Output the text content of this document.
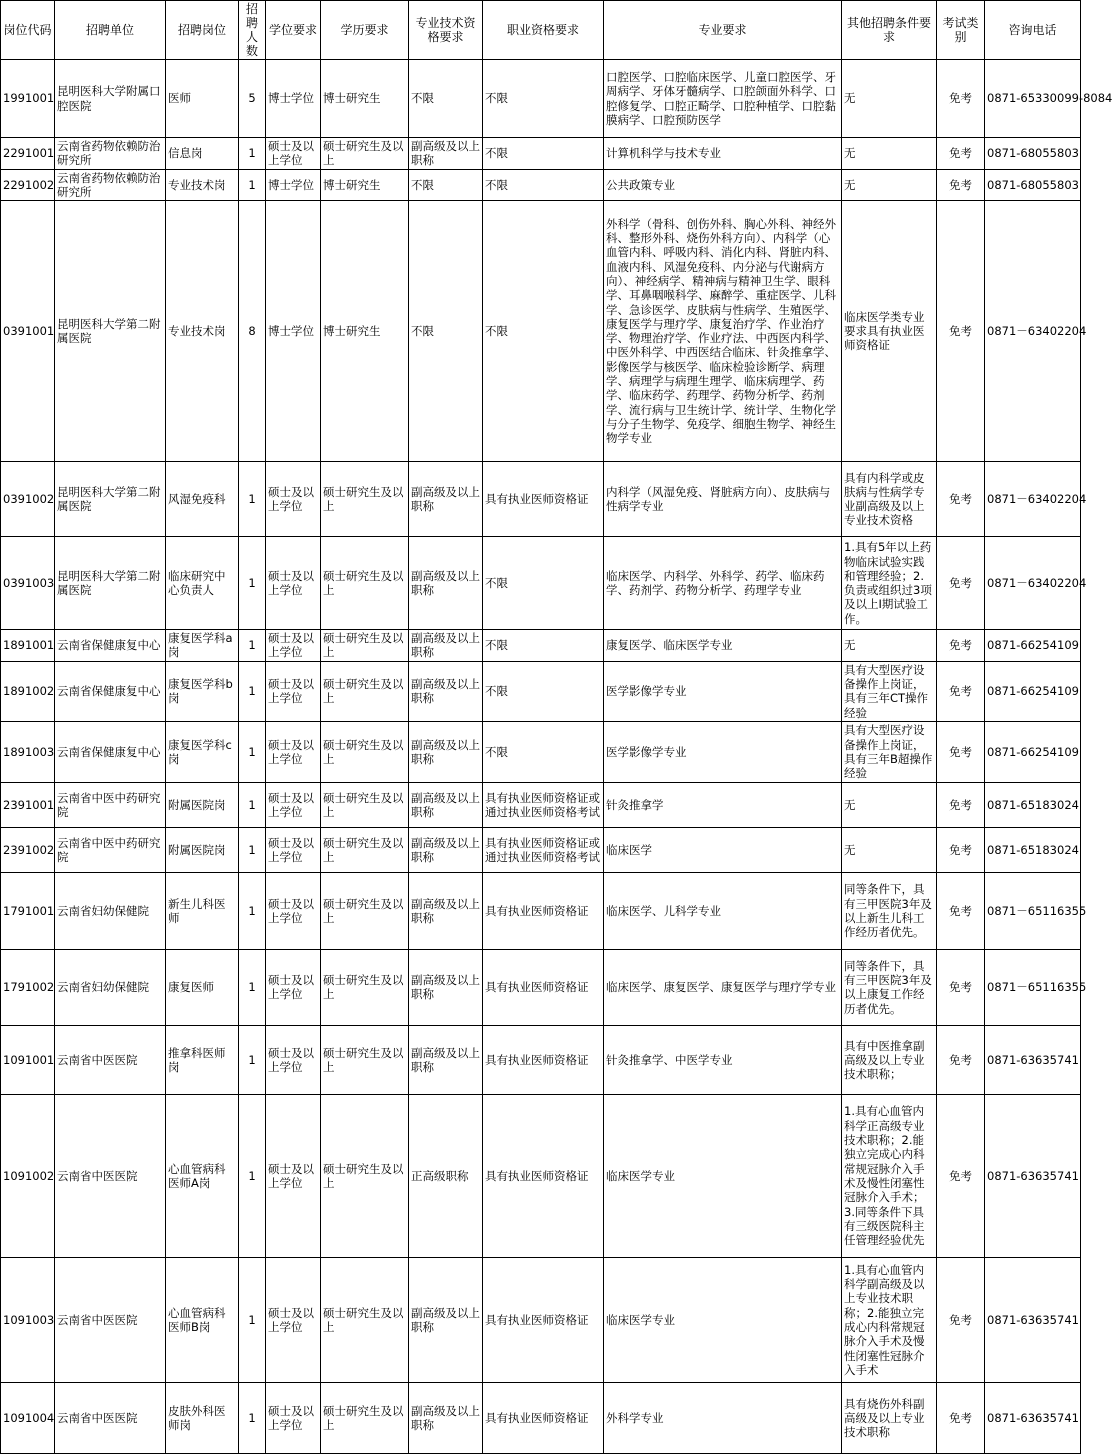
岗位代码	招聘单位	招聘岗位	招聘人数	学位要求	学历要求	专业技术资格要求	职业资格要求	专业要求	其他招聘条件要求	考试类别	咨询电话
1991001	昆明医科大学附属口腔医院	医师	5	博士学位	博士研究生	不限	不限	口腔医学、口腔临床医学、儿童口腔医学、牙周病学、牙体牙髓病学、口腔颌面外科学、口腔修复学、口腔正畸学、口腔种植学、口腔黏膜病学、口腔预防医学	无	免考	0871-65330099-8084
2291001	云南省药物依赖防治研究所	信息岗	1	硕士及以上学位	硕士研究生及以上	副高级及以上职称	不限	计算机科学与技术专业	无	免考	0871-68055803
2291002	云南省药物依赖防治研究所	专业技术岗	1	博士学位	博士研究生	不限	不限	公共政策专业	无	免考	0871-68055803
0391001	昆明医科大学第二附属医院	专业技术岗	8	博士学位	博士研究生	不限	不限	外科学（骨科、创伤外科、胸心外科、神经外科、整形外科、烧伤外科方向）、内科学（心血管内科、呼吸内科、消化内科、肾脏内科、血液内科、风湿免疫科、内分泌与代谢病方向）、神经病学、精神病与精神卫生学、眼科学、耳鼻咽喉科学、麻醉学、重症医学、儿科学、急诊医学、皮肤病与性病学、生殖医学、康复医学与理疗学、康复治疗学、作业治疗学、物理治疗学、作业疗法、中西医内科学、中医外科学、中西医结合临床、针灸推拿学、影像医学与核医学、临床检验诊断学、病理学、病理学与病理生理学、临床病理学、药学、临床药学、药理学、药物分析学、药剂学、流行病与卫生统计学、统计学、生物化学与分子生物学、免疫学、细胞生物学、神经生物学专业	临床医学类专业要求具有执业医师资格证	免考	0871－63402204
0391002	昆明医科大学第二附属医院	风湿免疫科	1	硕士及以上学位	硕士研究生及以上	副高级及以上职称	具有执业医师资格证	内科学（风湿免疫、肾脏病方向）、皮肤病与性病学专业	具有内科学或皮肤病与性病学专业副高级及以上专业技术资格	免考	0871－63402204
0391003	昆明医科大学第二附属医院	临床研究中心负责人	1	硕士及以上学位	硕士研究生及以上	副高级及以上职称	不限	临床医学、内科学、外科学、药学、临床药学、药剂学、药物分析学、药理学专业	1.具有5年以上药物临床试验实践和管理经验；2.负责或组织过3项及以上I期试验工作。	免考	0871－63402204
1891001	云南省保健康复中心	康复医学科a岗	1	硕士及以上学位	硕士研究生及以上	副高级及以上职称	不限	康复医学、临床医学专业	无	免考	0871-66254109
1891002	云南省保健康复中心	康复医学科b岗	1	硕士及以上学位	硕士研究生及以上	副高级及以上职称	不限	医学影像学专业	具有大型医疗设备操作上岗证，具有三年CT操作经验	免考	0871-66254109
1891003	云南省保健康复中心	康复医学科c岗	1	硕士及以上学位	硕士研究生及以上	副高级及以上职称	不限	医学影像学专业	具有大型医疗设备操作上岗证，具有三年B超操作经验	免考	0871-66254109
2391001	云南省中医中药研究院	附属医院岗	1	硕士及以上学位	硕士研究生及以上	副高级及以上职称	具有执业医师资格证或通过执业医师资格考试	针灸推拿学	无	免考	0871-65183024
2391002	云南省中医中药研究院	附属医院岗	1	硕士及以上学位	硕士研究生及以上	副高级及以上职称	具有执业医师资格证或通过执业医师资格考试	临床医学	无	免考	0871-65183024
1791001	云南省妇幼保健院	新生儿科医师	1	硕士及以上学位	硕士研究生及以上	副高级及以上职称	具有执业医师资格证	临床医学、儿科学专业	同等条件下，具有三甲医院3年及以上新生儿科工作经历者优先。	免考	0871－65116355
1791002	云南省妇幼保健院	康复医师	1	硕士及以上学位	硕士研究生及以上	副高级及以上职称	具有执业医师资格证	临床医学、康复医学、康复医学与理疗学专业	同等条件下，具有三甲医院3年及以上康复工作经历者优先。	免考	0871－65116355
1091001	云南省中医医院	推拿科医师岗	1	硕士及以上学位	硕士研究生及以上	副高级及以上职称	具有执业医师资格证	针灸推拿学、中医学专业	具有中医推拿副高级及以上专业技术职称；	免考	0871-63635741
1091002	云南省中医医院	心血管病科医师A岗	1	硕士及以上学位	硕士研究生及以上	正高级职称	具有执业医师资格证	临床医学专业	1.具有心血管内科学正高级专业技术职称；2.能独立完成心内科常规冠脉介入手术及慢性闭塞性冠脉介入手术；3.同等条件下具有三级医院科主任管理经验优先	免考	0871-63635741
1091003	云南省中医医院	心血管病科医师B岗	1	硕士及以上学位	硕士研究生及以上	副高级及以上职称	具有执业医师资格证	临床医学专业	1.具有心血管内科学副高级及以上专业技术职称；2.能独立完成心内科常规冠脉介入手术及慢性闭塞性冠脉介入手术	免考	0871-63635741
1091004	云南省中医医院	皮肤外科医师岗	1	硕士及以上学位	硕士研究生及以上	副高级及以上职称	具有执业医师资格证	外科学专业	具有烧伤外科副高级及以上专业技术职称	免考	0871-63635741
